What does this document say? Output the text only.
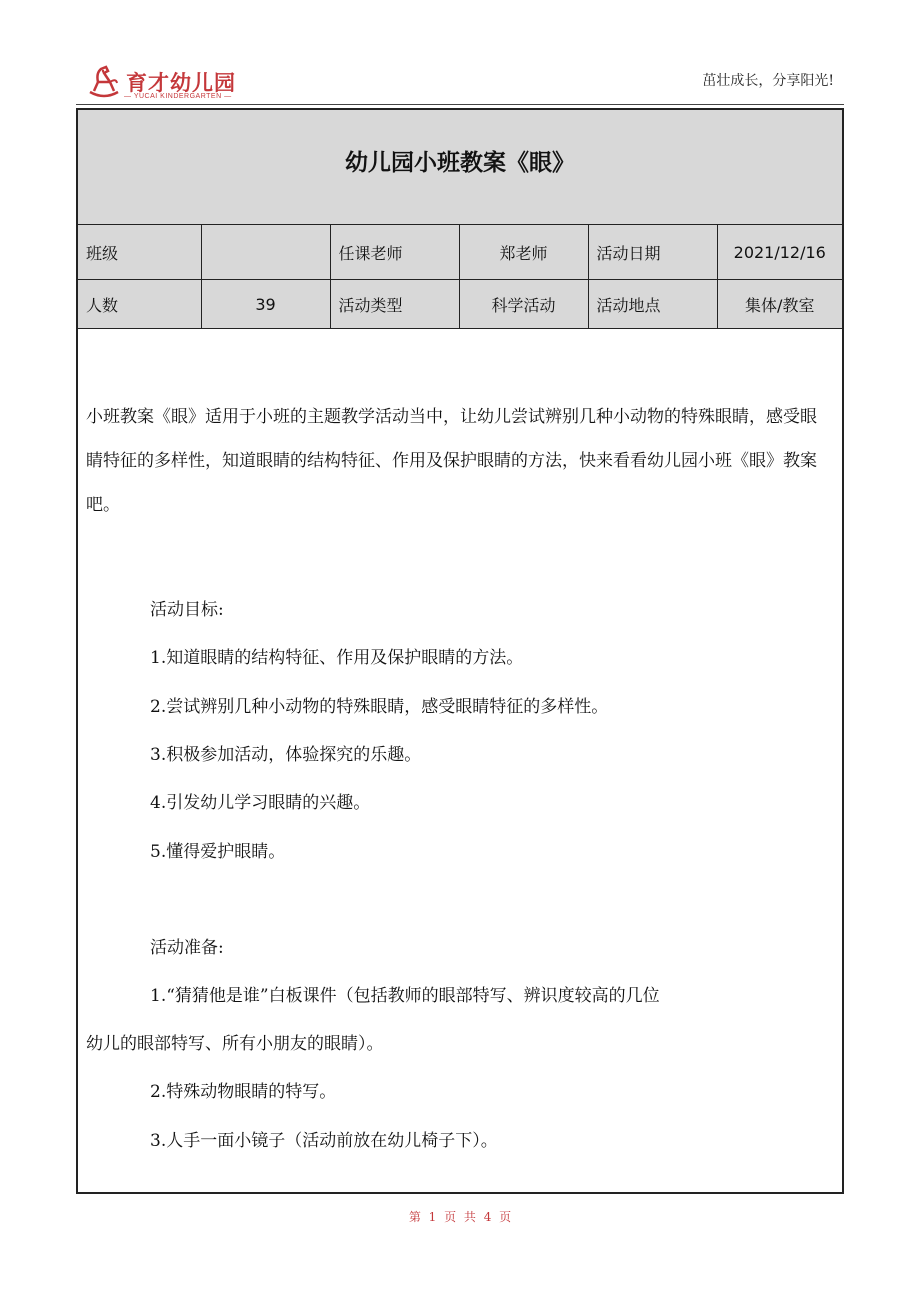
育才幼儿园
— YUCAI KINDERGARTEN —
茁壮成长，分享阳光!
幼儿园小班教案《眼》
班级		任课老师	郑老师	活动日期	2021/12/16
人数	39	活动类型	科学活动	活动地点	集体/教室

小班教案《眼》适用于小班的主题教学活动当中，让幼儿尝试辨别几种小动物的特殊眼睛，感受眼睛特征的多样性，知道眼睛的结构特征、作用及保护眼睛的方法，快来看看幼儿园小班《眼》教案吧。

活动目标:

1.知道眼睛的结构特征、作用及保护眼睛的方法。

2.尝试辨别几种小动物的特殊眼睛，感受眼睛特征的多样性。

3.积极参加活动，体验探究的乐趣。

4.引发幼儿学习眼睛的兴趣。

5.懂得爱护眼睛。

活动准备:

1.“猜猜他是谁”白板课件（包括教师的眼部特写、辨识度较高的几位

幼儿的眼部特写、所有小朋友的眼睛）。

2.特殊动物眼睛的特写。

3.人手一面小镜子（活动前放在幼儿椅子下）。

第 1 页 共 4 页
